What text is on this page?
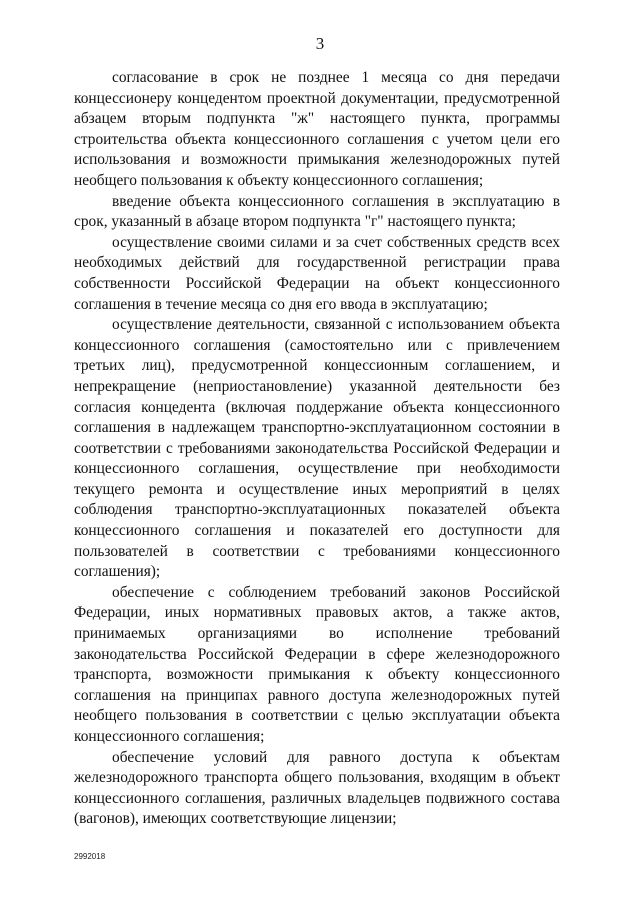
3

согласование в срок не позднее 1 месяца со дня передачи концессионеру концедентом проектной документации, предусмотренной абзацем вторым подпункта "ж" настоящего пункта, программы строительства объекта концессионного соглашения с учетом цели его использования и возможности примыкания железнодорожных путей необщего пользования к объекту концессионного соглашения;

введение объекта концессионного соглашения в эксплуатацию в срок, указанный в абзаце втором подпункта "г" настоящего пункта;

осуществление своими силами и за счет собственных средств всех необходимых действий для государственной регистрации права собственности Российской Федерации на объект концессионного соглашения в течение месяца со дня его ввода в эксплуатацию;

осуществление деятельности, связанной с использованием объекта концессионного соглашения (самостоятельно или с привлечением третьих лиц), предусмотренной концессионным соглашением, и непрекращение (неприостановление) указанной деятельности без согласия концедента (включая поддержание объекта концессионного соглашения в надлежащем транспортно-эксплуатационном состоянии в соответствии с требованиями законодательства Российской Федерации и концессионного соглашения, осуществление при необходимости текущего ремонта и осуществление иных мероприятий в целях соблюдения транспортно-эксплуатационных показателей объекта концессионного соглашения и показателей его доступности для пользователей в соответствии с требованиями концессионного соглашения);

обеспечение с соблюдением требований законов Российской Федерации, иных нормативных правовых актов, а также актов, принимаемых организациями во исполнение требований законодательства Российской Федерации в сфере железнодорожного транспорта, возможности примыкания к объекту концессионного соглашения на принципах равного доступа железнодорожных путей необщего пользования в соответствии с целью эксплуатации объекта концессионного соглашения;

обеспечение условий для равного доступа к объектам железнодорожного транспорта общего пользования, входящим в объект концессионного соглашения, различных владельцев подвижного состава (вагонов), имеющих соответствующие лицензии;

2992018
